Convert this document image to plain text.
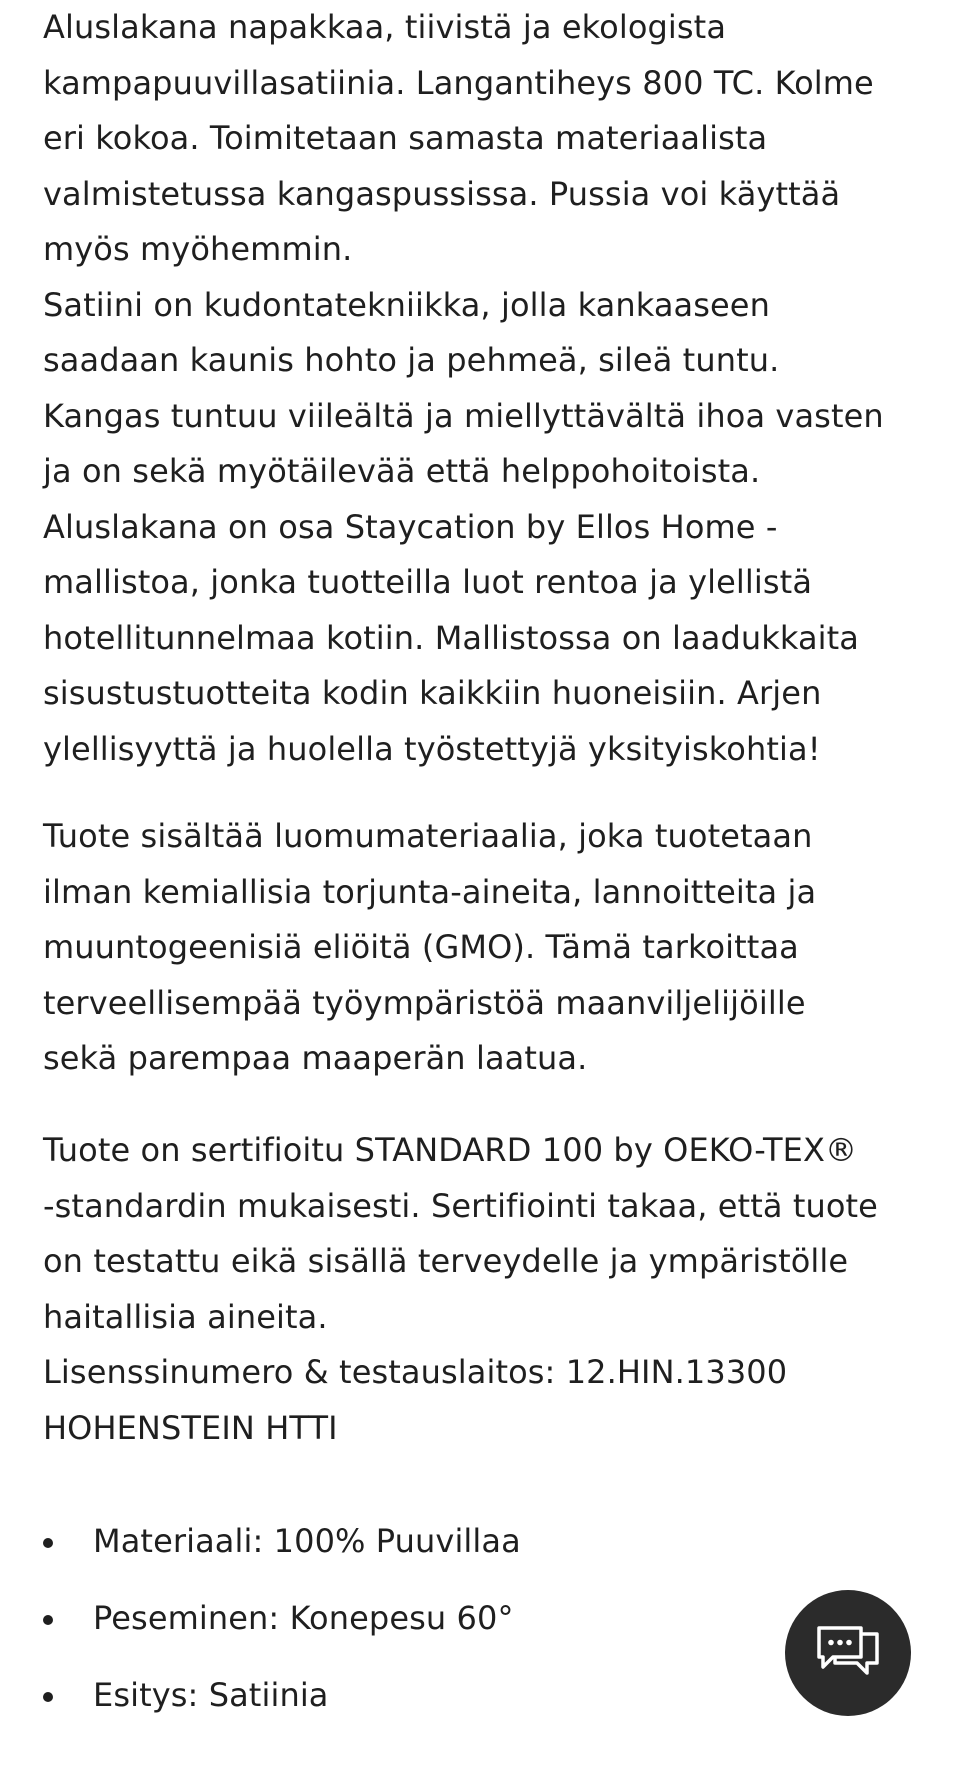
Aluslakana napakkaa, tiivistä ja ekologista
kampapuuvillasatiinia. Langantiheys 800 TC. Kolme
eri kokoa. Toimitetaan samasta materiaalista
valmistetussa kangaspussissa. Pussia voi käyttää
myös myöhemmin.
Satiini on kudontatekniikka, jolla kankaaseen
saadaan kaunis hohto ja pehmeä, sileä tuntu.
Kangas tuntuu viileältä ja miellyttävältä ihoa vasten
ja on sekä myötäilevää että helppohoitoista.
Aluslakana on osa Staycation by Ellos Home -
mallistoa, jonka tuotteilla luot rentoa ja ylellistä
hotellitunnelmaa kotiin. Mallistossa on laadukkaita
sisustustuotteita kodin kaikkiin huoneisiin. Arjen
ylellisyyttä ja huolella työstettyjä yksityiskohtia!
Tuote sisältää luomumateriaalia, joka tuotetaan
ilman kemiallisia torjunta-aineita, lannoitteita ja
muuntogeenisiä eliöitä (GMO). Tämä tarkoittaa
terveellisempää työympäristöä maanviljelijöille
sekä parempaa maaperän laatua.
Tuote on sertifioitu STANDARD 100 by OEKO-TEX®
-standardin mukaisesti. Sertifiointi takaa, että tuote
on testattu eikä sisällä terveydelle ja ympäristölle
haitallisia aineita.
Lisenssinumero & testauslaitos: 12.HIN.13300
HOHENSTEIN HTTI
Materiaali: 100% Puuvillaa
Peseminen: Konepesu 60°
Esitys: Satiinia
